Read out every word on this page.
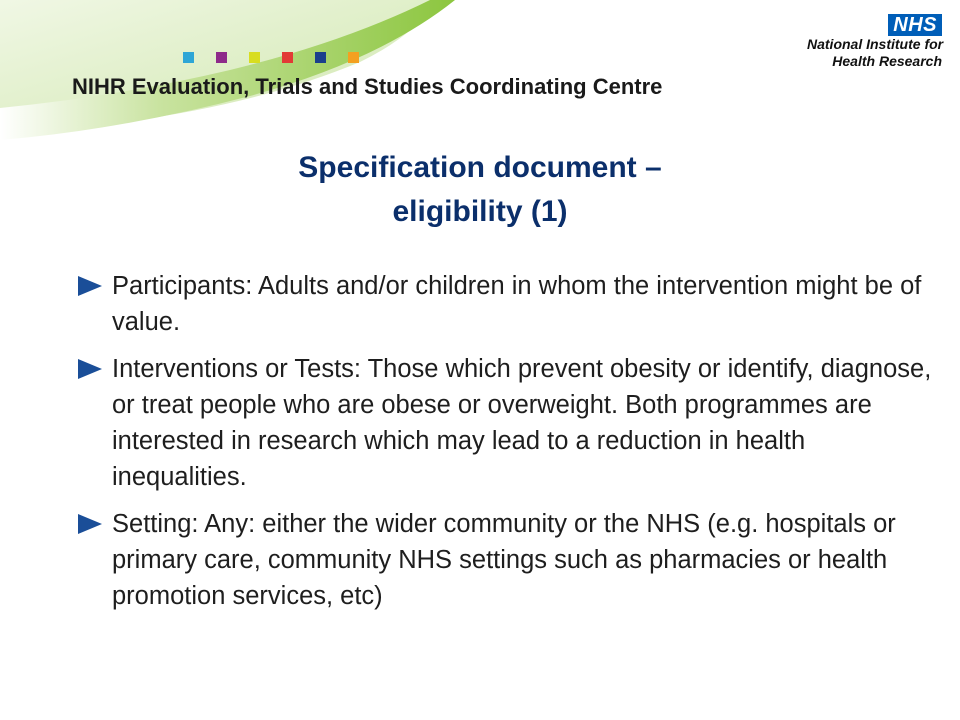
NIHR Evaluation, Trials and Studies Coordinating Centre
NHS
National Institute for
Health Research
Specification document –
eligibility (1)
Participants: Adults and/or children in whom the intervention might be of value.
Interventions or Tests: Those which prevent obesity or identify, diagnose, or treat people who are obese or overweight. Both programmes are interested in research which may lead to a reduction in health inequalities.
Setting: Any: either the wider community or the NHS (e.g. hospitals or primary care, community NHS settings such as pharmacies or health promotion services, etc)
